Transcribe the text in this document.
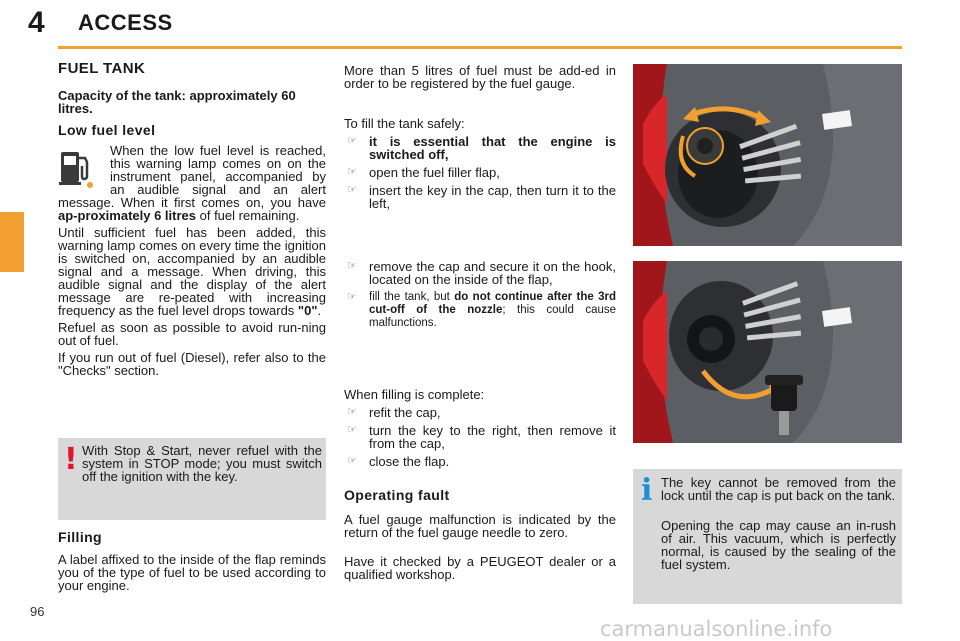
4 ACCESS
FUEL TANK

Capacity of the tank: approximately 60 litres.

Low fuel level

When the low fuel level is reached, this warning lamp comes on on the instrument panel, accompanied by an audible signal and an alert message. When it first comes on, you have ap-proximately 6 litres of fuel remaining.

Until sufficient fuel has been added, this warning lamp comes on every time the ignition is switched on, accompanied by an audible signal and a message. When driving, this audible signal and the display of the alert message are re-peated with increasing frequency as the fuel level drops towards "0".

Refuel as soon as possible to avoid run-ning out of fuel.

If you run out of fuel (Diesel), refer also to the "Checks" section.

! With Stop & Start, never refuel with the system in STOP mode; you must switch off the ignition with the key.

Filling

A label affixed to the inside of the flap reminds you of the type of fuel to be used according to your engine.

More than 5 litres of fuel must be add-ed in order to be registered by the fuel gauge.

To fill the tank safely:

☞ it is essential that the engine is switched off,
☞ open the fuel filler flap,
☞ insert the key in the cap, then turn it to the left,
☞ remove the cap and secure it on the hook, located on the inside of the flap,
☞ fill the tank, but do not continue after the 3rd cut-off of the nozzle; this could cause malfunctions.

When filling is complete:

☞ refit the cap,
☞ turn the key to the right, then remove it from the cap,
☞ close the flap.
Operating fault

A fuel gauge malfunction is indicated by the return of the fuel gauge needle to zero.

Have it checked by a PEUGEOT dealer or a qualified workshop.

i The key cannot be removed from the lock until the cap is put back on the tank.

Opening the cap may cause an in-rush of air. This vacuum, which is perfectly normal, is caused by the sealing of the fuel system.

96
carmanualsonline.info
